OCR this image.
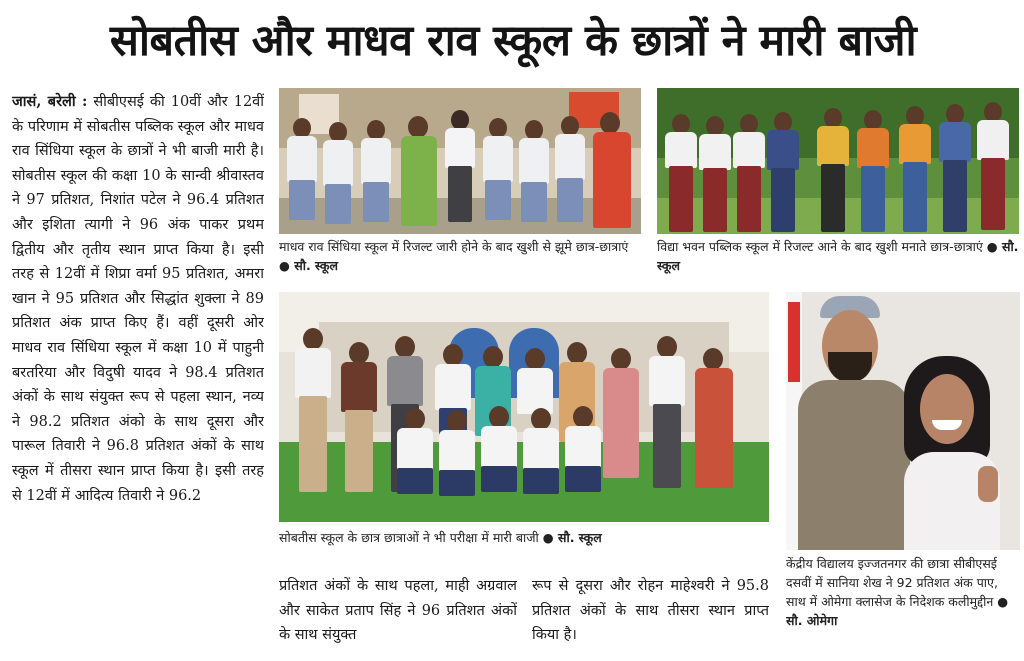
सोबतीस और माधव राव स्कूल के छात्रों ने मारी बाजी
जासं, बरेली : सीबीएसई की 10वीं और 12वीं के परिणाम में सोबतीस पब्लिक स्कूल और माधव राव सिंधिया स्कूल के छात्रों ने भी बाजी मारी है। सोबतीस स्कूल की कक्षा 10 के सान्वी श्रीवास्तव ने 97 प्रतिशत, निशांत पटेल ने 96.4 प्रतिशत और इशिता त्यागी ने 96 अंक पाकर प्रथम द्वितीय और तृतीय स्थान प्राप्त किया है। इसी तरह से 12वीं में शिप्रा वर्मा 95 प्रतिशत, अमरा खान ने 95 प्रतिशत और सिद्धांत शुक्ला ने 89 प्रतिशत अंक प्राप्त किए हैं। वहीं दूसरी ओर माधव राव सिंधिया स्कूल में कक्षा 10 में पाहुनी बरतरिया और विदुषी यादव ने 98.4 प्रतिशत अंकों के साथ संयुक्त रूप से पहला स्थान, नव्य ने 98.2 प्रतिशत अंको के साथ दूसरा और पारूल तिवारी ने 96.8 प्रतिशत अंकों के साथ स्कूल में तीसरा स्थान प्राप्त किया है। इसी तरह से 12वीं में आदित्य तिवारी ने 96.2
माधव राव सिंधिया स्कूल में रिजल्ट जारी होने के बाद खुशी से झूमे छात्र-छात्राएं ● सौ. स्कूल
विद्या भवन पब्लिक स्कूल में रिजल्ट आने के बाद खुशी मनाते छात्र-छात्राएं ● सौ. स्कूल
सोबतीस स्कूल के छात्र छात्राओं ने भी परीक्षा में मारी बाजी ● सौ. स्कूल
केंद्रीय विद्यालय इज्जतनगर की छात्रा सीबीएसई दसवीं में सानिया शेख ने 92 प्रतिशत अंक पाए, साथ में ओमेगा क्लासेज के निदेशक कलीमुद्दीन ● सौ. ओमेगा
प्रतिशत अंकों के साथ पहला, माही अग्रवाल और साकेत प्रताप सिंह ने 96 प्रतिशत अंकों के साथ संयुक्त
रूप से दूसरा और रोहन माहेश्वरी ने 95.8 प्रतिशत अंकों के साथ तीसरा स्थान प्राप्त किया है।
